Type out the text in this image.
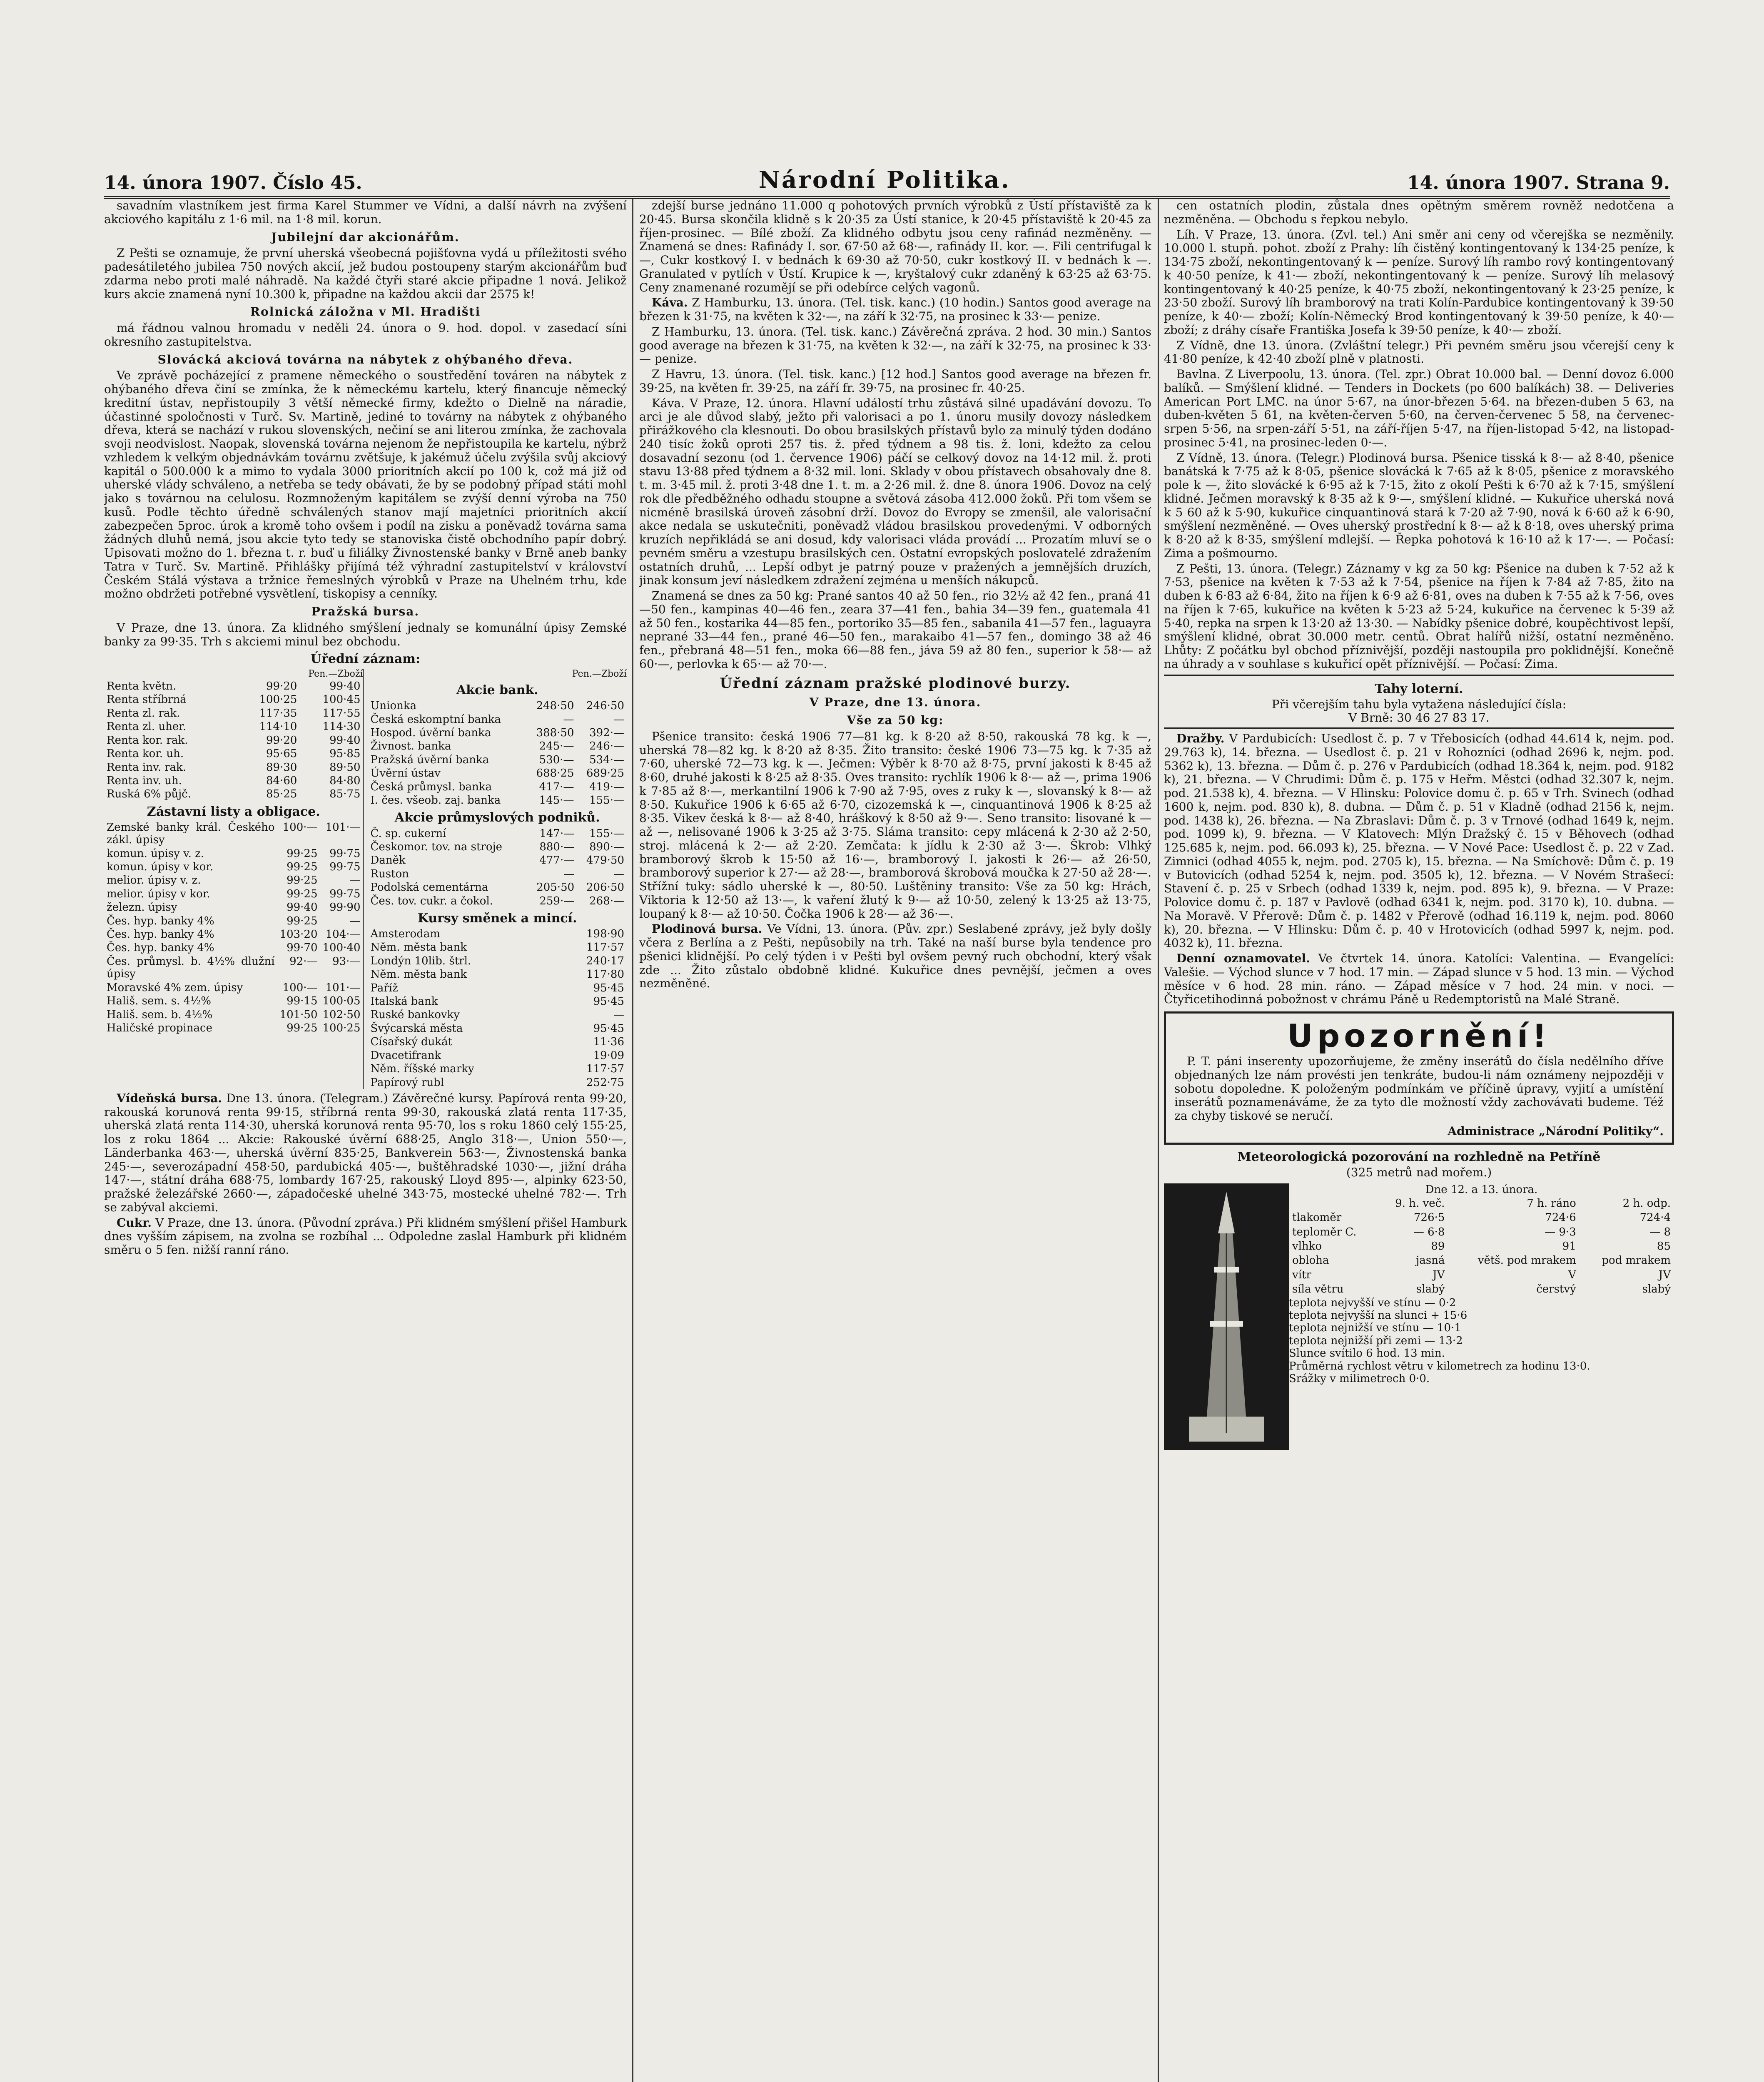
14. února 1907. Číslo 45.	Národní Politika.	14. února 1907. Strana 9.

savadním vlastníkem jest firma Karel Stummer ve Vídni, a další návrh na zvýšení akciového kapitálu z 1·6 mil. na 1·8 mil. korun.

Jubilejní dar akcionářům.

Z Pešti se oznamuje, že první uherská všeobecná pojišťovna vydá u příležitosti svého padesátiletého jubilea 750 nových akcií, jež budou postoupeny starým akcionářům buď zdarma nebo proti malé náhradě. Na každé čtyři staré akcie připadne 1 nová. Jelikož kurs akcie znamená nyní 10.300 k, připadne na každou akcii dar 2575 k!

Rolnická záložna v Ml. Hradišti

má řádnou valnou hromadu v neděli 24. února o 9. hod. dopol. v zasedací síni okresního zastupitelstva.

Slovácká akciová továrna na nábytek z ohýbaného dřeva.

Ve zprávě pocházející z pramene německého o soustředění továren na nábytek z ohýbaného dřeva činí se zmínka, že k německému kartelu, který financuje německý kreditní ústav, nepřistoupily 3 větší německé firmy, kdežto o Dielně na náradie, účastinné spoločnosti v Turč. Sv. Martině, jediné to továrny na nábytek z ohýbaného dřeva, která se nachází v rukou slovenských, nečiní se ani literou zmínka, že zachovala svoji neodvislost. Naopak, slovenská továrna nejenom že nepřistoupila ke kartelu, nýbrž vzhledem k velkým objednávkám továrnu zvětšuje, k jakémuž účelu zvýšila svůj akciový kapitál o 500.000 k a mimo to vydala 3000 prioritních akcií po 100 k, což má již od uherské vlády schváleno, a netřeba se tedy obávati, že by se podobný případ státi mohl jako s továrnou na celulosu. Rozmnoženým kapitálem se zvýší denní výroba na 750 kusů. Podle těchto úředně schválených stanov mají majetníci prioritních akcií zabezpečen 5proc. úrok a kromě toho ovšem i podíl na zisku a poněvadž továrna sama žádných dluhů nemá, jsou akcie tyto tedy se stanoviska čistě obchodního papír dobrý. Upisovati možno do 1. března t. r. buď u filiálky Živnostenské banky v Brně aneb banky Tatra v Turč. Sv. Martině. Přihlášky přijímá též výhradní zastupitelství v království Českém Stálá výstava a tržnice řemeslných výrobků v Praze na Uhelném trhu, kde možno obdržeti potřebné vysvětlení, tiskopisy a cenníky.

Pražská bursa.

V Praze, dne 13. února. Za klidného smýšlení jednaly se komunální úpisy Zemské banky za 99·35. Trh s akciemi minul bez obchodu.

Úřední záznam:
Pen.—Zboží
Renta květn.	99·20	99·40
Renta stříbrná	100·25	100·45
Renta zl. rak.	117·35	117·55
Renta zl. uher.	114·10	114·30
Renta kor. rak.	99·20	99·40
Renta kor. uh.	95·65	95·85
Renta inv. rak.	89·30	89·50
Renta inv. uh.	84·60	84·80
Ruská 6% půjč.	85·25	85·75
Zástavní listy a obligace.
Zemské banky král. Českého zákl. úpisy	100·—	101·—
komun. úpisy v. z.	99·25	99·75
komun. úpisy v kor.	99·25	99·75
melior. úpisy v. z.	99·25	—
melior. úpisy v kor.	99·25	99·75
železn. úpisy	99·40	99·90
Čes. hyp. banky 4%	99·25	—
Čes. hyp. banky 4%	103·20	104·—
Čes. hyp. banky 4%	99·70	100·40
Čes. průmysl. b. 4½% dlužní úpisy	92·—	93·—
Moravské 4% zem. úpisy	100·—	101·—
Hališ. sem. s. 4½%	99·15	100·05
Hališ. sem. b. 4½%	101·50	102·50
Haličské propinace	99·25	100·25
Pen.—Zboží
Akcie bank.
Unionka	248·50	246·50
Česká eskomptní banka	—	—
Hospod. úvěrní banka	388·50	392·—
Živnost. banka	245·—	246·—
Pražská úvěrní banka	530·—	534·—
Úvěrní ústav	688·25	689·25
Česká průmysl. banka	417·—	419·—
I. čes. všeob. zaj. banka	145·—	155·—
Akcie průmyslových podniků.
Č. sp. cukerní	147·—	155·—
Českomor. tov. na stroje	880·—	890·—
Daněk	477·—	479·50
Ruston	—	—
Podolská cementárna	205·50	206·50
Čes. tov. cukr. a čokol.	259·—	268·—
Kursy směnek a mincí.
Amsterodam	198·90
Něm. města bank	117·57
Londýn 10lib. štrl.	240·17
Něm. města bank	117·80
Paříž	95·45
Italská bank	95·45
Ruské bankovky	—
Švýcarská města	95·45
Císařský dukát	11·36
Dvacetifrank	19·09
Něm. říšské marky	117·57
Papírový rubl	252·75

Vídeňská bursa. Dne 13. února. (Telegram.) Závěrečné kursy. Papírová renta 99·20, rakouská korunová renta 99·15, stříbrná renta 99·30, rakouská zlatá renta 117·35, uherská zlatá renta 114·30, uherská korunová renta 95·70, los s roku 1860 celý 155·25, los z roku 1864 ... Akcie: Rakouské úvěrní 688·25, Anglo 318·—, Union 550·—, Länderbanka 463·—, uherská úvěrní 835·25, Bankverein 563·—, Živnostenská banka 245·—, severozápadní 458·50, pardubická 405·—, buštěhradské 1030·—, jižní dráha 147·—, státní dráha 688·75, lombardy 167·25, rakouský Lloyd 895·—, alpinky 623·50, pražské železářské 2660·—, západočeské uhelné 343·75, mostecké uhelné 782·—. Trh se zabýval akciemi.

Cukr. V Praze, dne 13. února. (Původní zpráva.) Při klidném smýšlení přišel Hamburk dnes vyšším zápisem, na zvolna se rozbíhal ... Odpoledne zaslal Hamburk při klidném směru o 5 fen. nižší ranní ráno.

zdejší burse jednáno 11.000 q pohotových prvních výrobků z Ústí přístaviště za k 20·45. Bursa skončila klidně s k 20·35 za Ústí stanice, k 20·45 přístaviště k 20·45 za říjen-prosinec. — Bílé zboží. Za klidného odbytu jsou ceny rafinád nezměněny. — Znamená se dnes: Rafinády I. sor. 67·50 až 68·—, rafinády II. kor. —. Fili centrifugal k —, Cukr kostkový I. v bednách k 69·30 až 70·50, cukr kostkový II. v bednách k —. Granulated v pytlích v Ústí. Krupice k —, kryštalový cukr zdaněný k 63·25 až 63·75. Ceny znamenané rozumějí se při odebírce celých vagonů.

Káva. Z Hamburku, 13. února. (Tel. tisk. kanc.) (10 hodin.) Santos good average na březen k 31·75, na květen k 32·—, na září k 32·75, na prosinec k 33·— penize.

Z Hamburku, 13. února. (Tel. tisk. kanc.) Závěrečná zpráva. 2 hod. 30 min.) Santos good average na březen k 31·75, na květen k 32·—, na září k 32·75, na prosinec k 33·— penize.

Z Havru, 13. února. (Tel. tisk. kanc.) [12 hod.] Santos good average na březen fr. 39·25, na květen fr. 39·25, na září fr. 39·75, na prosinec fr. 40·25.

Káva. V Praze, 12. února. Hlavní událostí trhu zůstává silné upadávání dovozu. To arci je ale důvod slabý, ježto při valorisaci a po 1. únoru musily dovozy následkem přirážkového cla klesnouti. Do obou brasilských přístavů bylo za minulý týden dodáno 240 tisíc žoků oproti 257 tis. ž. před týdnem a 98 tis. ž. loni, kdežto za celou dosavadní sezonu (od 1. července 1906) páčí se celkový dovoz na 14·12 mil. ž. proti stavu 13·88 před týdnem a 8·32 mil. loni. Sklady v obou přístavech obsahovaly dne 8. t. m. 3·45 mil. ž. proti 3·48 dne 1. t. m. a 2·26 mil. ž. dne 8. února 1906. Dovoz na celý rok dle předběžného odhadu stoupne a světová zásoba 412.000 žoků. Při tom všem se nicméně brasilská úroveň zásobní drží. Dovoz do Evropy se zmenšil, ale valorisační akce nedala se uskutečniti, poněvadž vládou brasilskou provedenými. V odborných kruzích nepřikládá se ani dosud, kdy valorisaci vláda provádí ... Prozatím mluví se o pevném směru a vzestupu brasilských cen. Ostatní evropských poslovatelé zdražením ostatních druhů, ... Lepší odbyt je patrný pouze v pražených a jemnějších druzích, jinak konsum jeví následkem zdražení zejména u menších nákupců.

Znamená se dnes za 50 kg: Prané santos 40 až 50 fen., rio 32½ až 42 fen., praná 41—50 fen., kampinas 40—46 fen., zeara 37—41 fen., bahia 34—39 fen., guatemala 41 až 50 fen., kostarika 44—85 fen., portoriko 35—85 fen., sabanila 41—57 fen., laguayra neprané 33—44 fen., prané 46—50 fen., marakaibo 41—57 fen., domingo 38 až 46 fen., přebraná 48—51 fen., moka 66—88 fen., jáva 59 až 80 fen., superior k 58·— až 60·—, perlovka k 65·— až 70·—.

Úřední záznam pražské plodinové burzy.

V Praze, dne 13. února.

Vše za 50 kg:

Pšenice transito: česká 1906 77—81 kg. k 8·20 až 8·50, rakouská 78 kg. k —, uherská 78—82 kg. k 8·20 až 8·35. Žito transito: české 1906 73—75 kg. k 7·35 až 7·60, uherské 72—73 kg. k —. Ječmen: Výběr k 8·70 až 8·75, první jakosti k 8·45 až 8·60, druhé jakosti k 8·25 až 8·35. Oves transito: rychlík 1906 k 8·— až —, prima 1906 k 7·85 až 8·—, merkantilní 1906 k 7·90 až 7·95, oves z ruky k —, slovanský k 8·— až 8·50. Kukuřice 1906 k 6·65 až 6·70, cizozemská k —, cinquantinová 1906 k 8·25 až 8·35. Vikev česká k 8·— až 8·40, hráškový k 8·50 až 9·—. Seno transito: lisované k — až —, nelisované 1906 k 3·25 až 3·75. Sláma transito: cepy mlácená k 2·30 až 2·50, stroj. mlácená k 2·— až 2·20. Zemčata: k jídlu k 2·30 až 3·—. Škrob: Vlhký bramborový škrob k 15·50 až 16·—, bramborový I. jakosti k 26·— až 26·50, bramborový superior k 27·— až 28·—, bramborová škrobová moučka k 27·50 až 28·—. Střížní tuky: sádlo uherské k —, 80·50. Luštěniny transito: Vše za 50 kg: Hrách, Viktoria k 12·50 až 13·—, k vaření žlutý k 9·— až 10·50, zelený k 13·25 až 13·75, loupaný k 8·— až 10·50. Čočka 1906 k 28·— až 36·—.

Plodinová bursa. Ve Vídni, 13. února. (Pův. zpr.) Seslabené zprávy, jež byly došly včera z Berlína a z Pešti, nepůsobily na trh. Také na naší burse byla tendence pro pšenici klidnější. Po celý týden i v Pešti byl ovšem pevný ruch obchodní, který však zde ... Žito zůstalo obdobně klidné. Kukuřice dnes pevnější, ječmen a oves nezměněné.

cen ostatních plodin, zůstala dnes opětným směrem rovněž nedotčena a nezměněna. — Obchodu s řepkou nebylo.

Líh. V Praze, 13. února. (Zvl. tel.) Ani směr ani ceny od včerejška se nezměnily. 10.000 l. stupň. pohot. zboží z Prahy: líh čistěný kontingentovaný k 134·25 peníze, k 134·75 zboží, nekontingentovaný k — peníze. Surový líh rambo rový kontingentovaný k 40·50 peníze, k 41·— zboží, nekontingentovaný k — peníze. Surový líh melasový kontingentovaný k 40·25 peníze, k 40·75 zboží, nekontingentovaný k 23·25 peníze, k 23·50 zboží. Surový líh bramborový na trati Kolín-Pardubice kontingentovaný k 39·50 peníze, k 40·— zboží; Kolín-Německý Brod kontingentovaný k 39·50 peníze, k 40·— zboží; z dráhy císaře Františka Josefa k 39·50 peníze, k 40·— zboží.

Z Vídně, dne 13. února. (Zvláštní telegr.) Při pevném směru jsou včerejší ceny k 41·80 peníze, k 42·40 zboží plně v platnosti.

Bavlna. Z Liverpoolu, 13. února. (Tel. zpr.) Obrat 10.000 bal. — Denní dovoz 6.000 balíků. — Smýšlení klidné. — Tenders in Dockets (po 600 balíkách) 38. — Deliveries American Port LMC. na únor 5·67, na únor-březen 5·64. na březen-duben 5 63, na duben-květen 5 61, na květen-červen 5·60, na červen-červenec 5 58, na červenec-srpen 5·56, na srpen-září 5·51, na září-říjen 5·47, na říjen-listopad 5·42, na listopad-prosinec 5·41, na prosinec-leden 0·—.

Z Vídně, 13. února. (Telegr.) Plodinová bursa. Pšenice tisská k 8·— až 8·40, pšenice banátská k 7·75 až k 8·05, pšenice slovácká k 7·65 až k 8·05, pšenice z moravského pole k —, žito slovácké k 6·95 až k 7·15, žito z okolí Pešti k 6·70 až k 7·15, smýšlení klidné. Ječmen moravský k 8·35 až k 9·—, smýšlení klidné. — Kukuřice uherská nová k 5 60 až k 5·90, kukuřice cinquantinová stará k 7·20 až 7·90, nová k 6·60 až k 6·90, smýšlení nezměněné. — Oves uherský prostřední k 8·— až k 8·18, oves uherský prima k 8·20 až k 8·35, smýšlení mdlejší. — Řepka pohotová k 16·10 až k 17·—. — Počasí: Zima a pošmourno.

Z Pešti, 13. února. (Telegr.) Záznamy v kg za 50 kg: Pšenice na duben k 7·52 až k 7·53, pšenice na květen k 7·53 až k 7·54, pšenice na říjen k 7·84 až 7·85, žito na duben k 6·83 až 6·84, žito na říjen k 6·9 až 6·81, oves na duben k 7·55 až k 7·56, oves na říjen k 7·65, kukuřice na květen k 5·23 až 5·24, kukuřice na červenec k 5·39 až 5·40, repka na srpen k 13·20 až 13·30. — Nabídky pšenice dobré, koupěchtivost lepší, smýšlení klidné, obrat 30.000 metr. centů. Obrat halířů nižší, ostatní nezměněno. Lhůty: Z počátku byl obchod příznivější, později nastoupila pro poklidnější. Konečně na úhrady a v souhlase s kukuřicí opět příznivější. — Počasí: Zima.

Tahy loterní.
Při včerejším tahu byla vytažena následující čísla:
V Brně: 30 46 27 83 17.

Dražby. V Pardubicích: Usedlost č. p. 7 v Třebosicích (odhad 44.614 k, nejm. pod. 29.763 k), 14. března. — Usedlost č. p. 21 v Rohozníci (odhad 2696 k, nejm. pod. 5362 k), 13. března. — Dům č. p. 276 v Pardubicích (odhad 18.364 k, nejm. pod. 9182 k), 21. března. — V Chrudimi: Dům č. p. 175 v Heřm. Městci (odhad 32.307 k, nejm. pod. 21.538 k), 4. března. — V Hlinsku: Polovice domu č. p. 65 v Trh. Svinech (odhad 1600 k, nejm. pod. 830 k), 8. dubna. — Dům č. p. 51 v Kladně (odhad 2156 k, nejm. pod. 1438 k), 26. března. — Na Zbraslavi: Dům č. p. 3 v Trnové (odhad 1649 k, nejm. pod. 1099 k), 9. března. — V Klatovech: Mlýn Dražský č. 15 v Běhovech (odhad 125.685 k, nejm. pod. 66.093 k), 25. března. — V Nové Pace: Usedlost č. p. 22 v Zad. Zimnici (odhad 4055 k, nejm. pod. 2705 k), 15. března. — Na Smíchově: Dům č. p. 19 v Butovicích (odhad 5254 k, nejm. pod. 3505 k), 12. března. — V Novém Strašecí: Stavení č. p. 25 v Srbech (odhad 1339 k, nejm. pod. 895 k), 9. března. — V Praze: Polovice domu č. p. 187 v Pavlově (odhad 6341 k, nejm. pod. 3170 k), 10. dubna. — Na Moravě. V Přerově: Dům č. p. 1482 v Přerově (odhad 16.119 k, nejm. pod. 8060 k), 20. března. — V Hlinsku: Dům č. p. 40 v Hrotovicích (odhad 5997 k, nejm. pod. 4032 k), 11. března.

Denní oznamovatel. Ve čtvrtek 14. února. Katolíci: Valentina. — Evangelíci: Valešie. — Východ slunce v 7 hod. 17 min. — Západ slunce v 5 hod. 13 min. — Východ měsíce v 6 hod. 28 min. ráno. — Západ měsíce v 7 hod. 24 min. v noci. — Čtyřicetihodinná pobožnost v chrámu Páně u Redemptoristů na Malé Straně.

Upozornění!

P. T. páni inserenty upozorňujeme, že změny inserátů do čísla nedělního dříve objednaných lze nám provésti jen tenkráte, budou-li nám oznámeny nejpozději v sobotu dopoledne. K položeným podmínkám ve příčině úpravy, vyjití a umístění inserátů poznamenáváme, že za tyto dle možností vždy zachovávati budeme. Též za chyby tiskové se neručí.

Administrace „Národní Politiky“.
Meteorologická pozorování na rozhledně na Petříně
(325 metrů nad mořem.)
Dne 12. a 13. února.
	9. h. več.	7 h. ráno	2 h. odp.
tlakoměr	726·5	724·6	724·4
teploměr C.	— 6·8	— 9·3	— 8
vlhko	89	91	85
obloha	jasná	větš. pod mrakem	pod mrakem
vítr	JV	V	JV
síla větru	slabý	čerstvý	slabý
teplota nejvyšší ve stínu — 0·2
teplota nejvyšší na slunci + 15·6
teplota nejnižší ve stínu — 10·1
teplota nejnižší při zemi — 13·2
Slunce svítilo 6 hod. 13 min.
Průměrná rychlost větru v kilometrech za hodinu 13·0.
Srážky v milimetrech 0·0.
